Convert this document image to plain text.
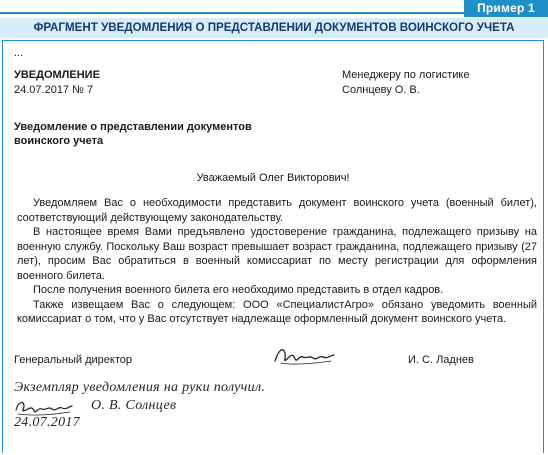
Пример 1
ФРАГМЕНТ УВЕДОМЛЕНИЯ О ПРЕДСТАВЛЕНИИ ДОКУМЕНТОВ ВОИНСКОГО УЧЕТА
...
УВЕДОМЛЕНИЕ
24.07.2017 № 7
Менеджеру по логистике
Солнцеву О. В.
Уведомление о представлении документов
воинского учета
Уважаемый Олег Викторович!

Уведомляем Вас о необходимости представить документ воинского учета (военный билет), соответствующий действующему законодательству.

В настоящее время Вами предъявлено удостоверение гражданина, подлежащего призыву на военную службу. Поскольку Ваш возраст превышает возраст гражданина, подлежащего призыву (27 лет), просим Вас обратиться в военный комиссариат по месту регистрации для оформления военного билета.

После получения военного билета его необходимо представить в отдел кадров.

Также извещаем Вас о следующем: ООО «СпециалистАгро» обязано уведомить военный комиссариат о том, что у Вас отсутствует надлежаще оформленный документ воинского учета.

Генеральный директор	И. С. Ладнев
Экземпляр уведомления на руки получил.
О. В. Солнцев
24.07.2017
